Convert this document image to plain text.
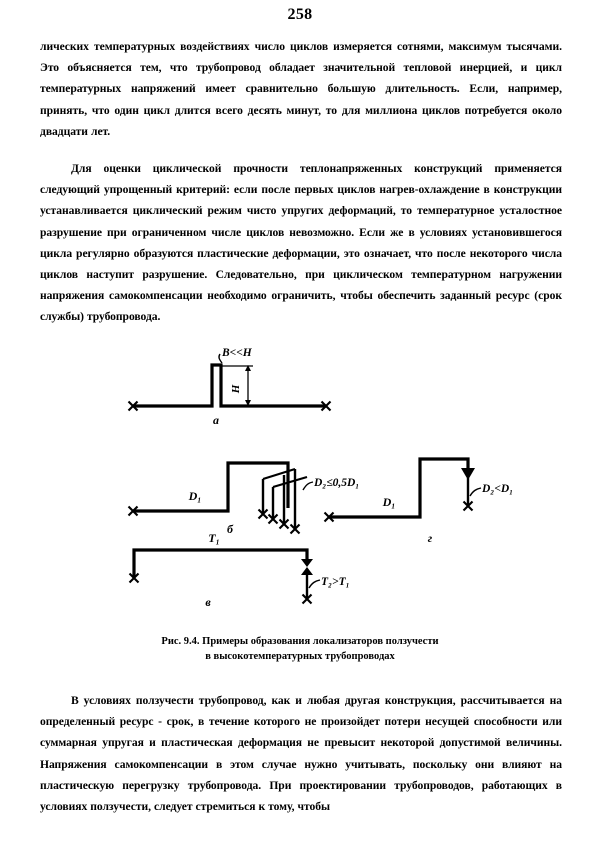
258

лических температурных воздействиях число циклов измеряется сотнями, максимум тысячами. Это объясняется тем, что трубопровод обладает значительной тепловой инерцией, и цикл температурных напряжений имеет сравнительно большую длительность. Если, например, принять, что один цикл длится всего десять минут, то для миллиона циклов потребуется около двадцати лет.

Для оценки циклической прочности теплонапряженных конструкций применяется следующий упрощенный критерий: если после первых циклов нагрев-охлаждение в конструкции устанавливается циклический режим чисто упругих деформаций, то температурное усталостное разрушение при ограниченном числе циклов невозможно. Если же в условиях установившегося цикла регулярно образуются пластические деформации, это означает, что после некоторого числа циклов наступит разрушение. Следовательно, при циклическом температурном нагружении напряжения самокомпенсации необходимо ограничить, чтобы обеспечить заданный ресурс (срок службы) трубопровода.

B<<H
H
а
D₁
D₂≤0,5D₁
б
D₁
D₂<D₁
г
T₁
T₂>T₁
в
Рис. 9.4. Примеры образования локализаторов ползучести
в высокотемпературных трубопроводах

В условиях ползучести трубопровод, как и любая другая конструкция, рассчитывается на определенный ресурс - срок, в течение которого не произойдет потери несущей способности или суммарная упругая и пластическая деформация не превысит некоторой допустимой величины. Напряжения самокомпенсации в этом случае нужно учитывать, поскольку они влияют на пластическую перегрузку трубопровода. При проектировании трубопроводов, работающих в условиях ползучести, следует стремиться к тому, чтобы
